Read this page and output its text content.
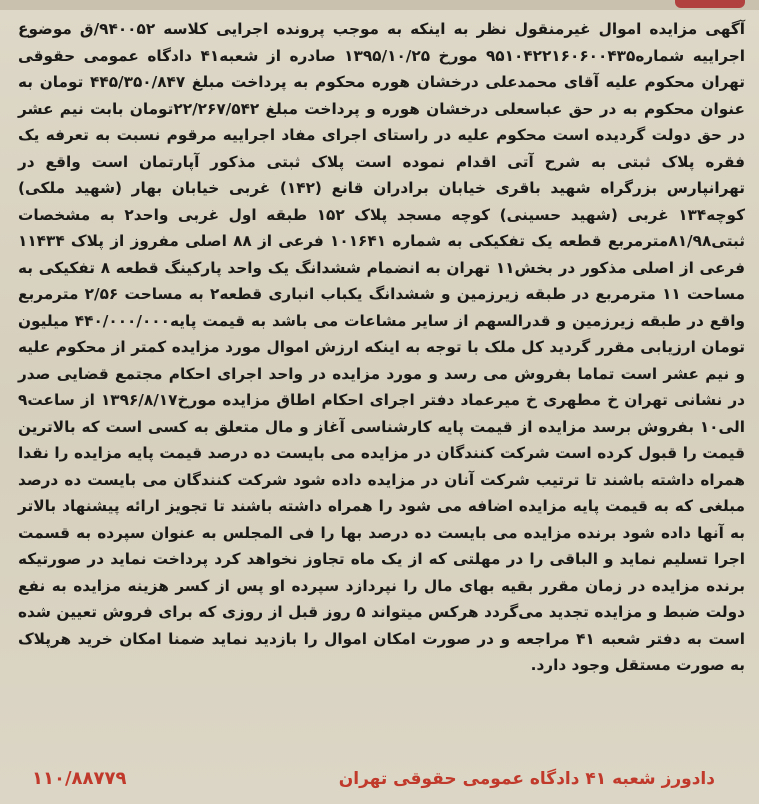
آگهی مزایده اموال غیرمنقول نظر به اینکه به موجب پرونده اجرایی کلاسه ۹۴۰۰۵۲/ق موضوع اجراییه شماره۹۵۱۰۴۲۲۱۶۰۶۰۰۴۳۵ مورخ ۱۳۹۵/۱۰/۲۵ صادره از شعبه۴۱ دادگاه عمومی حقوقی تهران محکوم علیه آقای محمدعلی درخشان هوره محکوم به پرداخت مبلغ ۴۴۵/۳۵۰/۸۴۷ تومان به عنوان محکوم به در حق عباسعلی درخشان هوره و پرداخت مبلغ ۲۲/۲۶۷/۵۴۲تومان بابت نیم عشر در حق دولت گردیده است محکوم علیه در راستای اجرای مفاد اجراییه مرقوم نسبت به تعرفه یک فقره پلاک ثبتی به شرح آتی اقدام نموده است پلاک ثبتی مذکور آپارتمان است واقع در تهرانپارس بزرگراه شهید باقری خیابان برادران قانع (۱۴۲) غربی خیابان بهار (شهید ملکی) کوچه۱۳۴ غربی (شهید حسینی) کوچه مسجد پلاک ۱۵۲ طبقه اول غربی واحد۲ به مشخصات ثبتی۸۱/۹۸مترمربع قطعه یک تفکیکی به شماره ۱۰۱۶۴۱ فرعی از ۸۸ اصلی مفروز از پلاک ۱۱۴۳۴ فرعی از اصلی مذکور در بخش۱۱ تهران به انضمام ششدانگ یک واحد پارکینگ قطعه ۸ تفکیکی به مساحت ۱۱ مترمربع در طبقه زیرزمین و ششدانگ یکباب انباری قطعه۲ به مساحت ۲/۵۶ مترمربع واقع در طبقه زیرزمین و قدرالسهم از سایر مشاعات می باشد به قیمت پایه۴۴۰/۰۰۰/۰۰۰ میلیون تومان ارزیابی مقرر گردید کل ملک با توجه به اینکه ارزش اموال مورد مزایده کمتر از محکوم علیه و نیم عشر است تماما بفروش می رسد و مورد مزایده در واحد اجرای احکام مجتمع قضایی صدر در نشانی تهران خ مطهری خ میرعماد دفتر اجرای احکام اطاق مزایده مورخ۱۳۹۶/۸/۱۷ از ساعت۹ الی۱۰ بفروش برسد مزایده از قیمت پایه کارشناسی آغاز و مال متعلق به کسی است که بالاترین قیمت را قبول کرده است شرکت کنندگان در مزایده می بایست ده درصد قیمت پایه مزایده را نقدا همراه داشته باشند تا ترتیب شرکت آنان در مزایده داده شود شرکت کنندگان می بایست ده درصد مبلغی که به قیمت پایه مزایده اضافه می شود را همراه داشته باشند تا تجویز ارائه پیشنهاد بالاتر به آنها داده شود برنده مزایده می بایست ده درصد بها را فی المجلس به عنوان سپرده به قسمت اجرا تسلیم نماید و الباقی را در مهلتی که از یک ماه تجاوز نخواهد کرد پرداخت نماید در صورتیکه برنده مزایده در زمان مقرر بقیه بهای مال را نپردازد سپرده او پس از کسر هزینه مزایده به نفع دولت ضبط و مزایده تجدید می‌گردد هرکس میتواند ۵ روز قبل از روزی که برای فروش تعیین شده است به دفتر شعبه ۴۱ مراجعه و در صورت امکان اموال را بازدید نماید ضمنا امکان خرید هرپلاک به صورت مستقل وجود دارد.

دادورز شعبه ۴۱ دادگاه عمومی حقوقی تهران
۱۱۰/۸۸۷۷۹
